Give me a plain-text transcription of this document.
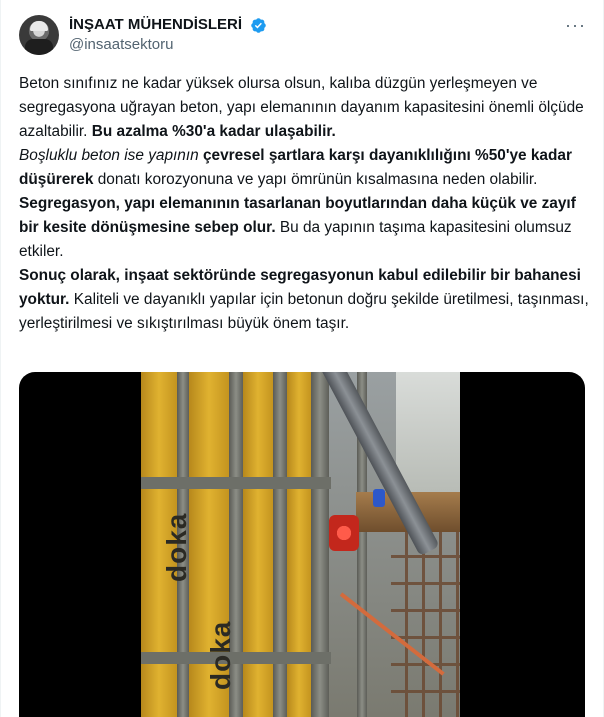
İNŞAAT MÜHENDİSLERİ
@insaatsektoru
···

Beton sınıfınız ne kadar yüksek olursa olsun, kalıba düzgün yerleşmeyen ve segregasyona uğrayan beton, yapı elemanının dayanım kapasitesini önemli ölçüde azaltabilir. Bu azalma %30'a kadar ulaşabilir.

Boşluklu beton ise yapının çevresel şartlara karşı dayanıklılığını %50'ye kadar düşürerek donatı korozyonuna ve yapı ömrünün kısalmasına neden olabilir.

Segregasyon, yapı elemanının tasarlanan boyutlarından daha küçük ve zayıf bir kesite dönüşmesine sebep olur. Bu da yapının taşıma kapasitesini olumsuz etkiler.

Sonuç olarak, inşaat sektöründe segregasyonun kabul edilebilir bir bahanesi yoktur. Kaliteli ve dayanıklı yapılar için betonun doğru şekilde üretilmesi, taşınması, yerleştirilmesi ve sıkıştırılması büyük önem taşır.

doka
doka
